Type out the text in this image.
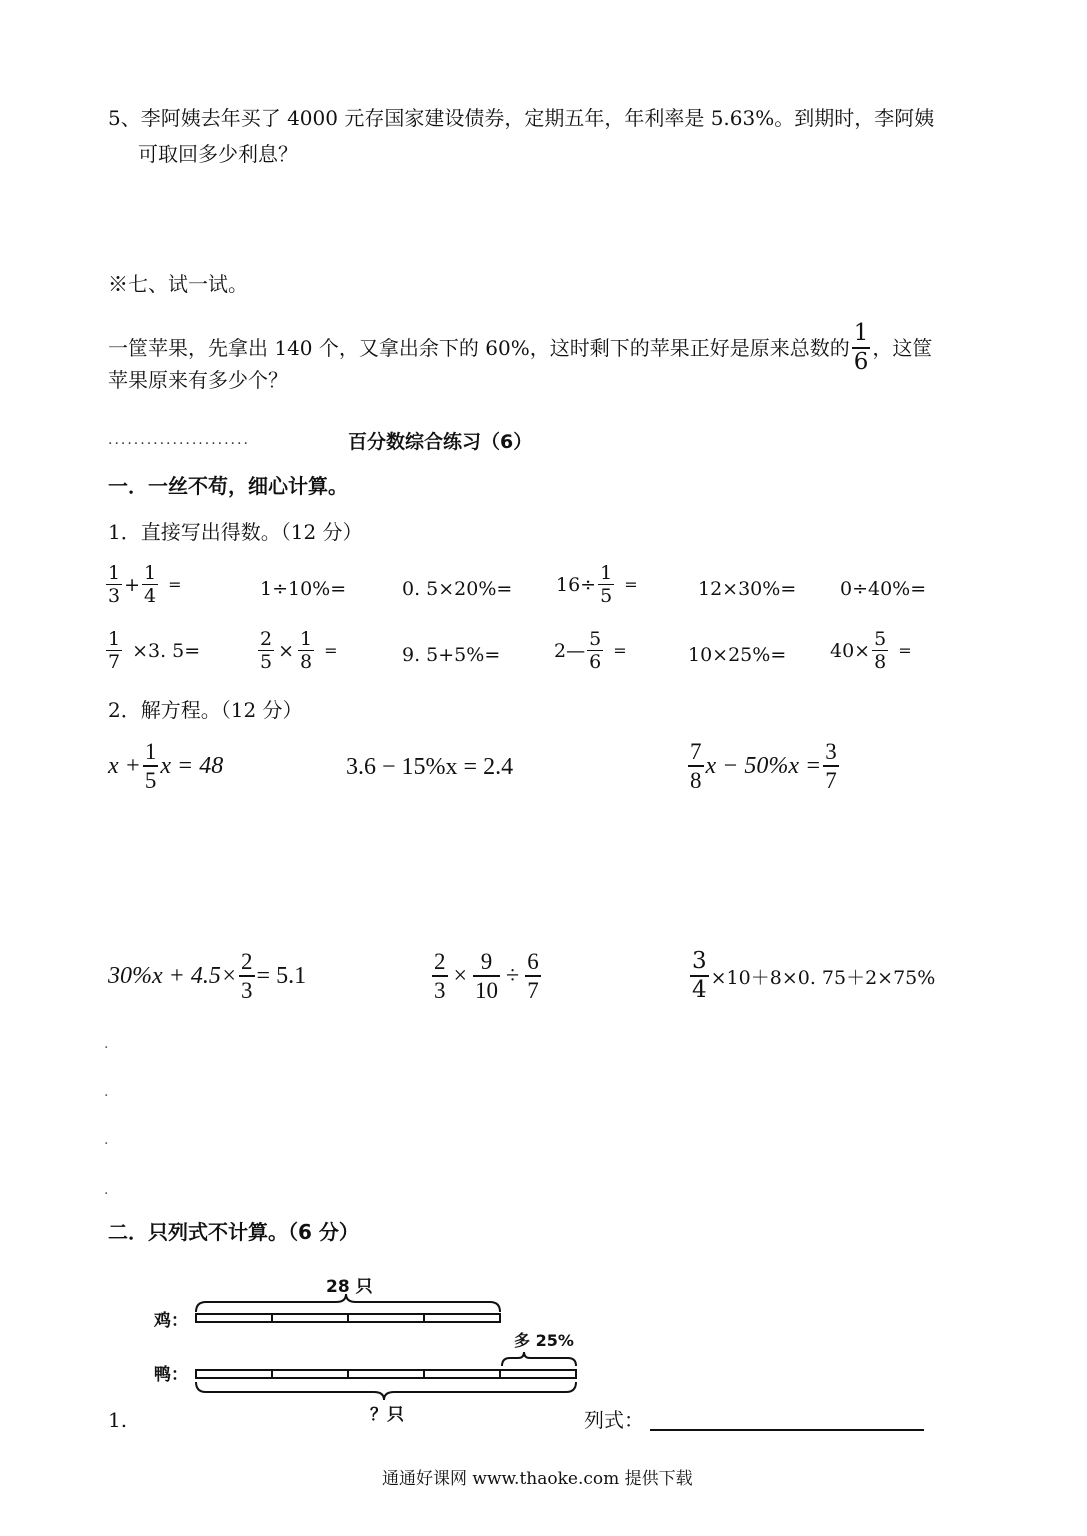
5、李阿姨去年买了 4000 元存国家建设债券，定期五年，年利率是 5.63%。到期时，李阿姨
可取回多少利息？
※七、试一试。
一筐苹果，先拿出 140 个，又拿出余下的 60%，这时剩下的苹果正好是原来总数的 $\frac{1}{6}$ ，这筐
苹果原来有多少个？
......................	百分数综合练习（6）
一．一丝不苟，细心计算。
1．直接写出得数。（12 分）
$\frac{1}{3} + \frac{1}{4}$ =	1÷10%=	0. $5\times 20\%= 16\div \frac{1}{5}$ =	12×30%= 0÷40%=
$\frac{1}{7} \times 3$. 5=	$\frac{2}{5} \times \frac{1}{8}$ =	9. 5+5%=	2— $\frac{5}{6}$ =	$10\times 25\%= 40\times \frac{5}{8}$ =
2．解方程。（12 分）
$x + \frac{1}{5}$ x = 48	3.6 − 15%x = 2.4	$\frac{7}{8}$ $x - 50\%x = \frac{3}{7}$
$30\%x + 4.5\times \frac{2}{3} = 5.1$	$\frac{2}{3} \times \frac{9}{10} \div \frac{6}{7}$	$\frac{3}{4} \times 10+8\times 0$. 75＋2×75%
.
.
.
.
二．只列式不计算。（6 分）
28 只
鸡：
多 25%
鸭：
？只
1.	列式：
通通好课网 www.thaoke.com 提供下载
